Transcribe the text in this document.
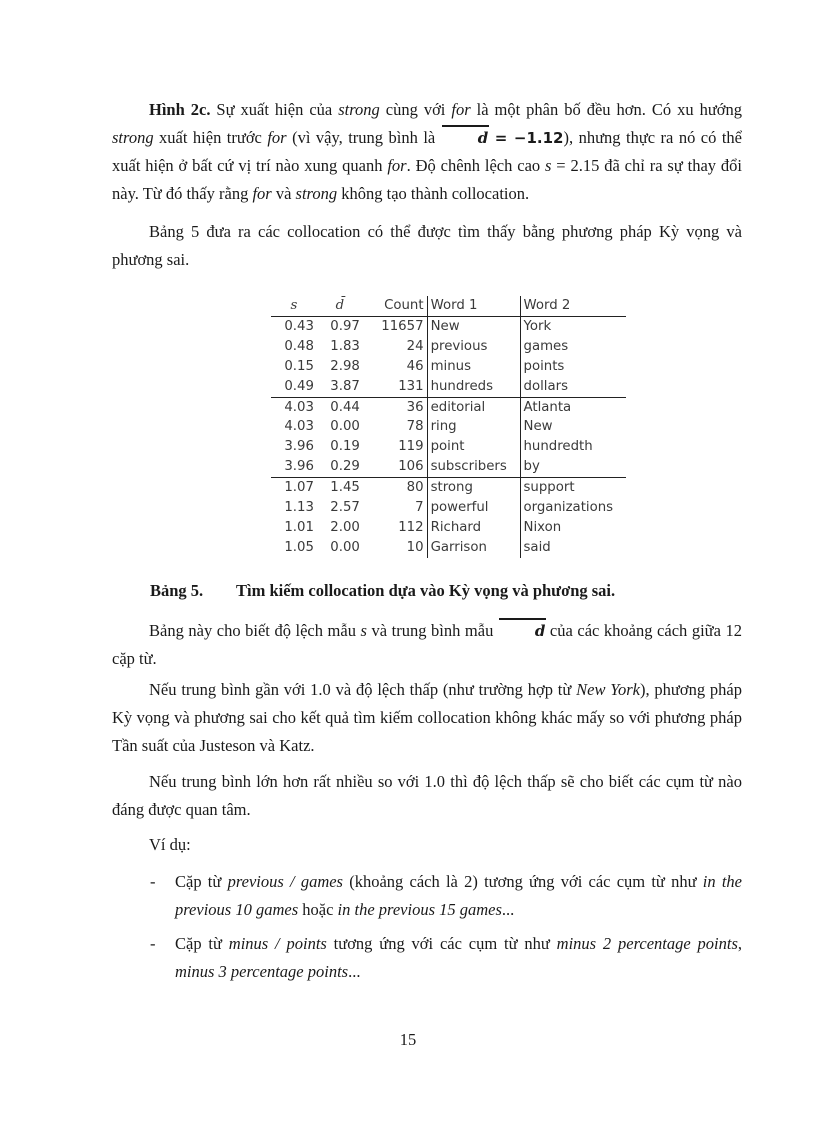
Hình 2c. Sự xuất hiện của strong cùng với for là một phân bố đều hơn. Có xu hướng strong xuất hiện trước for (vì vậy, trung bình là d = −1.12), nhưng thực ra nó có thể xuất hiện ở bất cứ vị trí nào xung quanh for. Độ chênh lệch cao s = 2.15 đã chỉ ra sự thay đổi này. Từ đó thấy rằng for và strong không tạo thành collocation.

Bảng 5 đưa ra các collocation có thể được tìm thấy bằng phương pháp Kỳ vọng và phương sai.

s	d̄	Count	Word 1	Word 2
0.43	0.97	11657	New	York
0.48	1.83	24	previous	games
0.15	2.98	46	minus	points
0.49	3.87	131	hundreds	dollars
4.03	0.44	36	editorial	Atlanta
4.03	0.00	78	ring	New
3.96	0.19	119	point	hundredth
3.96	0.29	106	subscribers	by
1.07	1.45	80	strong	support
1.13	2.57	7	powerful	organizations
1.01	2.00	112	Richard	Nixon
1.05	0.00	10	Garrison	said
Bảng 5. Tìm kiếm collocation dựa vào Kỳ vọng và phương sai.

Bảng này cho biết độ lệch mẫu s và trung bình mẫu d của các khoảng cách giữa 12 cặp từ.

Nếu trung bình gần với 1.0 và độ lệch thấp (như trường hợp từ New York), phương pháp Kỳ vọng và phương sai cho kết quả tìm kiếm collocation không khác mấy so với phương pháp Tần suất của Justeson và Katz.

Nếu trung bình lớn hơn rất nhiều so với 1.0 thì độ lệch thấp sẽ cho biết các cụm từ nào đáng được quan tâm.

Ví dụ:

- Cặp từ previous / games (khoảng cách là 2) tương ứng với các cụm từ như in the previous 10 games hoặc in the previous 15 games...
- Cặp từ minus / points tương ứng với các cụm từ như minus 2 percentage points, minus 3 percentage points...
15
